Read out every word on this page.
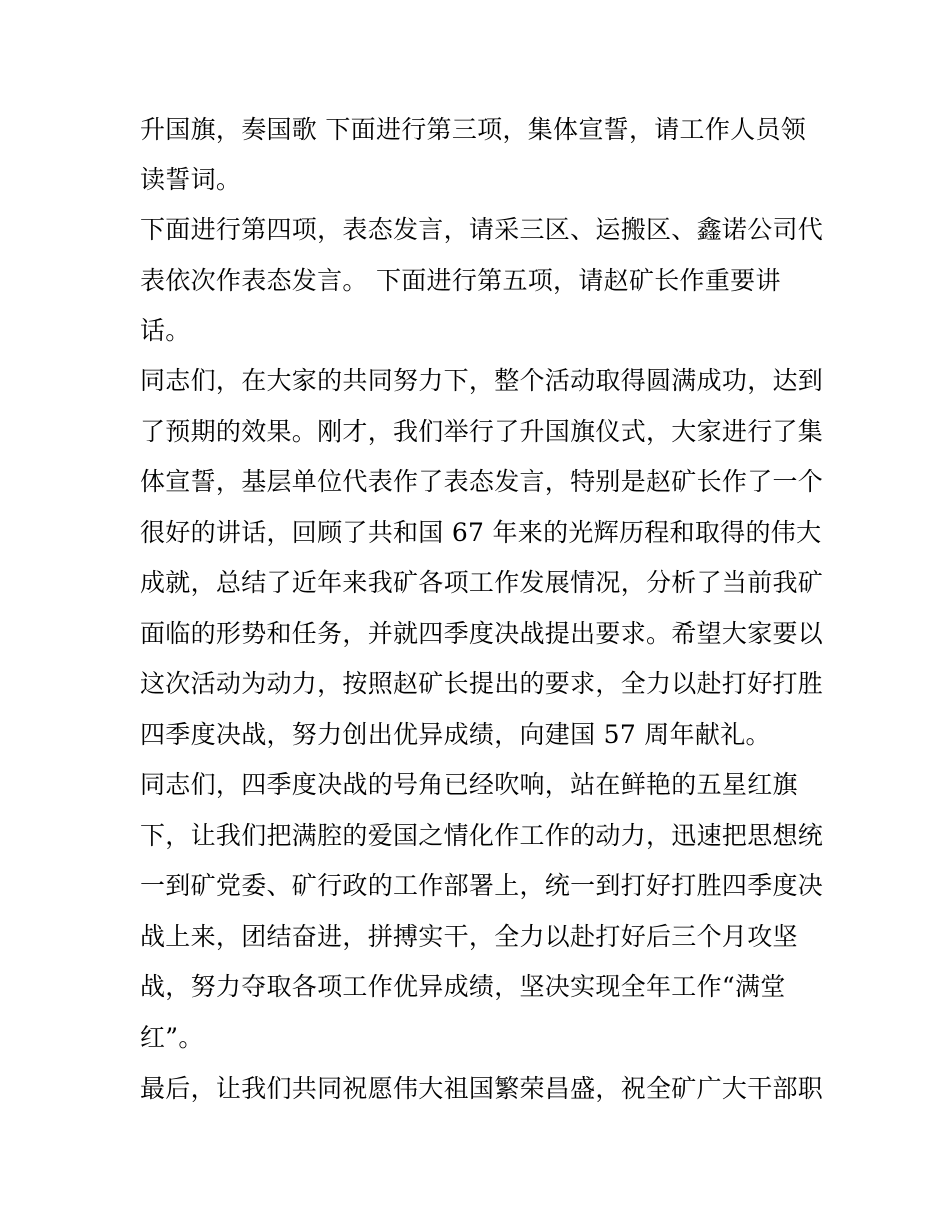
升国旗，奏国歌 下面进行第三项，集体宣誓，请工作人员领
读誓词。
下面进行第四项，表态发言，请采三区、运搬区、鑫诺公司代
表依次作表态发言。 下面进行第五项，请赵矿长作重要讲
话。
同志们，在大家的共同努力下，整个活动取得圆满成功，达到
了预期的效果。刚才，我们举行了升国旗仪式，大家进行了集
体宣誓，基层单位代表作了表态发言，特别是赵矿长作了一个
很好的讲话，回顾了共和国 67 年来的光辉历程和取得的伟大
成就，总结了近年来我矿各项工作发展情况，分析了当前我矿
面临的形势和任务，并就四季度决战提出要求。希望大家要以
这次活动为动力，按照赵矿长提出的要求，全力以赴打好打胜
四季度决战，努力创出优异成绩，向建国 57 周年献礼。
同志们，四季度决战的号角已经吹响，站在鲜艳的五星红旗
下，让我们把满腔的爱国之情化作工作的动力，迅速把思想统
一到矿党委、矿行政的工作部署上，统一到打好打胜四季度决
战上来，团结奋进，拼搏实干，全力以赴打好后三个月攻坚
战，努力夺取各项工作优异成绩，坚决实现全年工作“满堂
红”。
最后，让我们共同祝愿伟大祖国繁荣昌盛，祝全矿广大干部职
